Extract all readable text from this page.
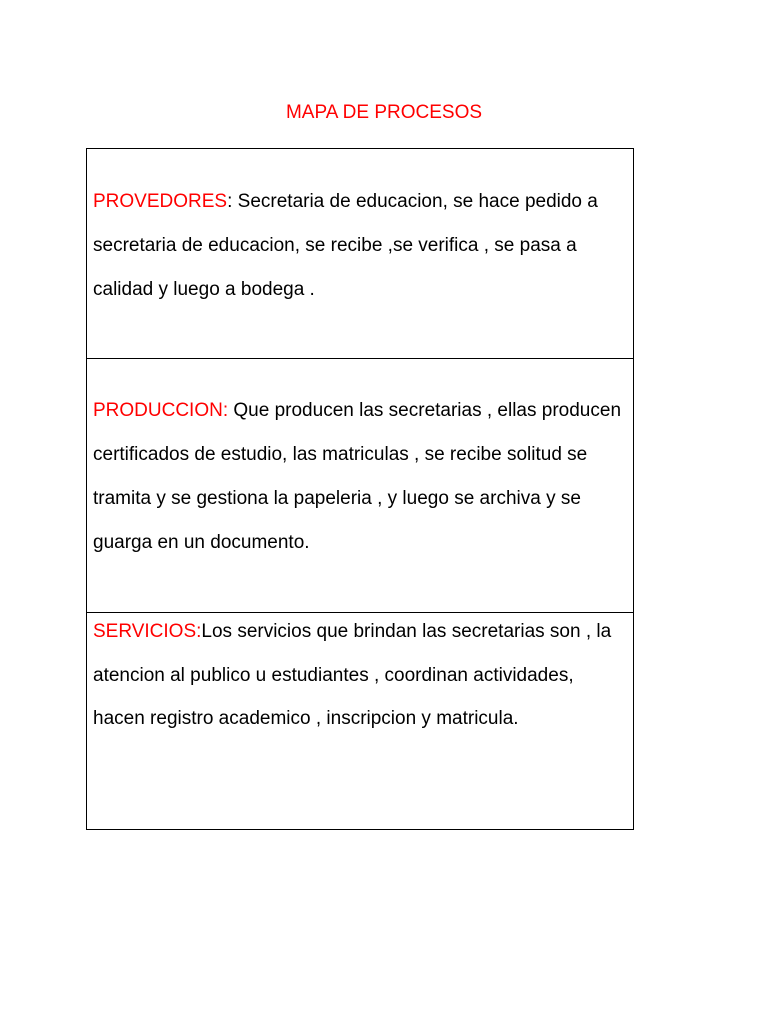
MAPA DE PROCESOS

PROVEDORES: Secretaria de educacion, se hace pedido a secretaria de educacion, se recibe ,se verifica , se pasa a calidad y luego a bodega .

PRODUCCION: Que producen las secretarias , ellas producen certificados de estudio, las matriculas , se recibe solitud se tramita y se gestiona la papeleria , y luego se archiva y se guarga en un documento.

SERVICIOS:Los servicios que brindan las secretarias son , la atencion al publico u estudiantes , coordinan actividades, hacen registro academico , inscripcion y matricula.
